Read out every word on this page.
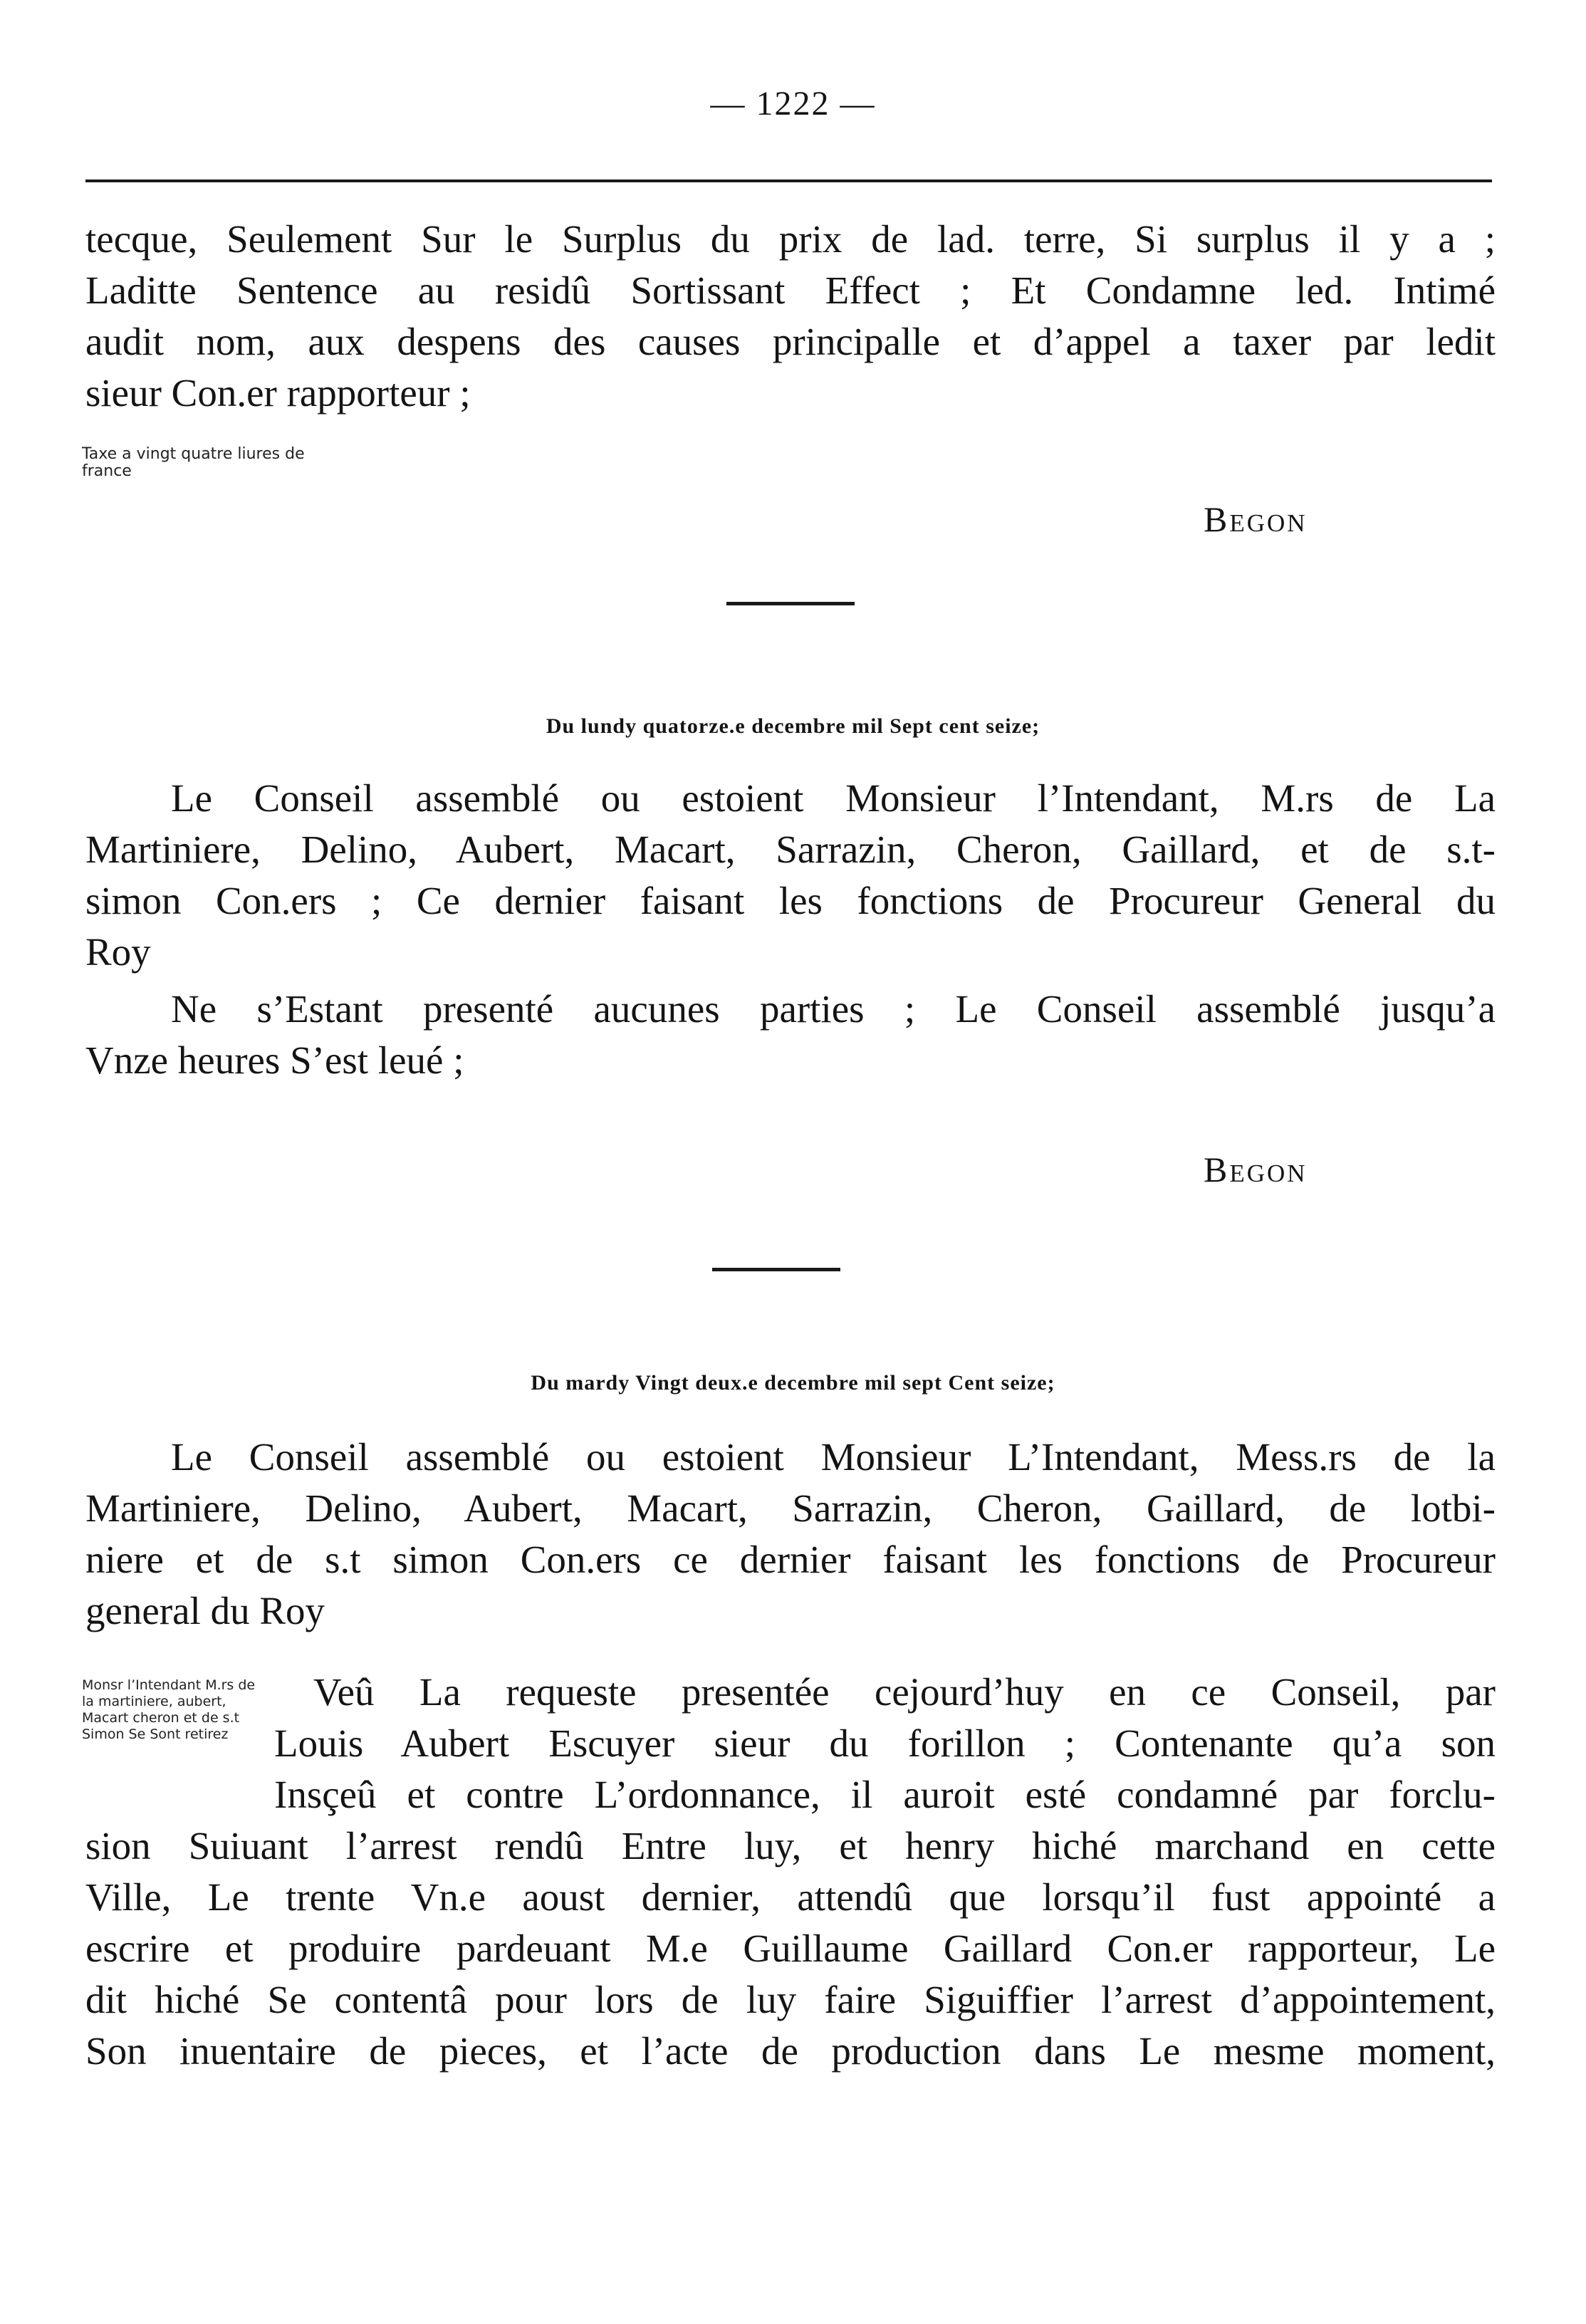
— 1222 —
tecque, Seulement Sur le Surplus du prix de lad. terre, Si surplus il y a ;
Laditte Sentence au residû Sortissant Effect ; Et Condamne led. Intimé
audit nom, aux despens des causes principalle et d’appel a taxer par ledit
sieur Con.er rapporteur ;
Taxe a vingt quatre liures de france
Begon
Du lundy quatorze.e decembre mil Sept cent seize;
Le Conseil assemblé ou estoient Monsieur l’Intendant, M.rs de La
Martiniere, Delino, Aubert, Macart, Sarrazin, Cheron, Gaillard, et de s.t-
simon Con.ers ; Ce dernier faisant les fonctions de Procureur General du
Roy
Ne s’Estant presenté aucunes parties ; Le Conseil assemblé jusqu’a
Vnze heures S’est leué ;
Begon
Du mardy Vingt deux.e decembre mil sept Cent seize;
Le Conseil assemblé ou estoient Monsieur L’Intendant, Mess.rs de la
Martiniere, Delino, Aubert, Macart, Sarrazin, Cheron, Gaillard, de lotbi-
niere et de s.t simon Con.ers ce dernier faisant les fonctions de Procureur
general du Roy
Veû La requeste presentée cejourd’huy en ce Conseil, par
Louis Aubert Escuyer sieur du forillon ; Contenante qu’a son
Insçeû et contre L’ordonnance, il auroit esté condamné par forclu-
sion Suiuant l’arrest rendû Entre luy, et henry hiché marchand en cette
Ville, Le trente Vn.e aoust dernier, attendû que lorsqu’il fust appointé a
escrire et produire pardeuant M.e Guillaume Gaillard Con.er rapporteur, Le
dit hiché Se contentâ pour lors de luy faire Siguiffier l’arrest d’appointement,
Son inuentaire de pieces, et l’acte de production dans Le mesme moment,
Monsr l’Intendant M.rs de la martiniere, aubert, Macart cheron et de s.t Simon Se Sont retirez
